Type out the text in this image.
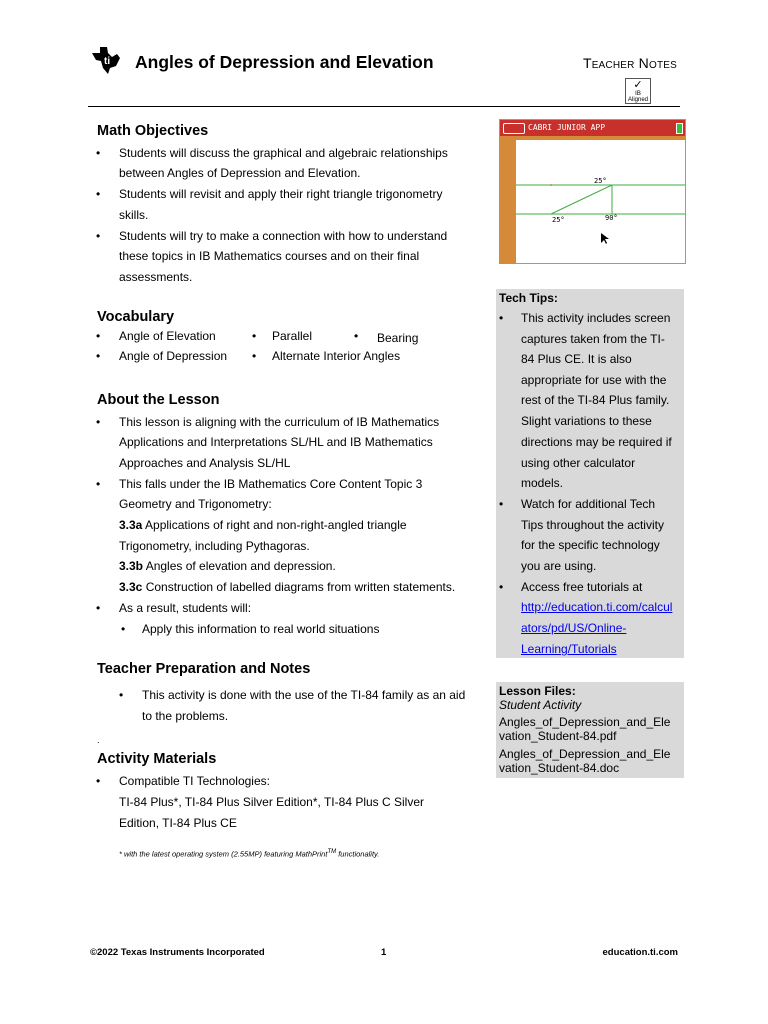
ti Angles of Depression and Elevation	Teacher Notes
✓
IB
Aligned
Math Objectives
• Students will discuss the graphical and algebraic relationships
between Angles of Depression and Elevation.
• Students will revisit and apply their right triangle trigonometry
skills.
• Students will try to make a connection with how to understand
these topics in IB Mathematics courses and on their final
assessments.
Vocabulary
• Angle of Elevation	• Parallel	• Bearing
• Angle of Depression • Alternate Interior Angles
About the Lesson
• This lesson is aligning with the curriculum of IB Mathematics
Applications and Interpretations SL/HL and IB Mathematics
Approaches and Analysis SL/HL
• This falls under the IB Mathematics Core Content Topic 3
Geometry and Trigonometry:
3.3a Applications of right and non-right-angled triangle
Trigonometry, including Pythagoras.
3.3b Angles of elevation and depression.
3.3c Construction of labelled diagrams from written statements.
• As a result, students will:
• Apply this information to real world situations
Teacher Preparation and Notes
• This activity is done with the use of the TI-84 family as an aid
to the problems.
.
Activity Materials
• Compatible TI Technologies:
TI-84 Plus*, TI-84 Plus Silver Edition*, TI-84 Plus C Silver
Edition, TI-84 Plus CE
* with the latest operating system (2.55MP) featuring MathPrint™ functionality.
CABRI JUNIOR APP
25°
25°	90°
Tech Tips:
• This activity includes screen
captures taken from the TI-
84 Plus CE. It is also
appropriate for use with the
rest of the TI-84 Plus family.
Slight variations to these
directions may be required if
using other calculator
models.
• Watch for additional Tech
Tips throughout the activity
for the specific technology
you are using.
• Access free tutorials at
http://education.ti.com/calcul
ators/pd/US/Online-
Learning/Tutorials
Lesson Files:
Student Activity
Angles_of_Depression_and_Ele
vation_Student-84.pdf
Angles_of_Depression_and_Ele
vation_Student-84.doc
©2022 Texas Instruments Incorporated	1	education.ti.com
